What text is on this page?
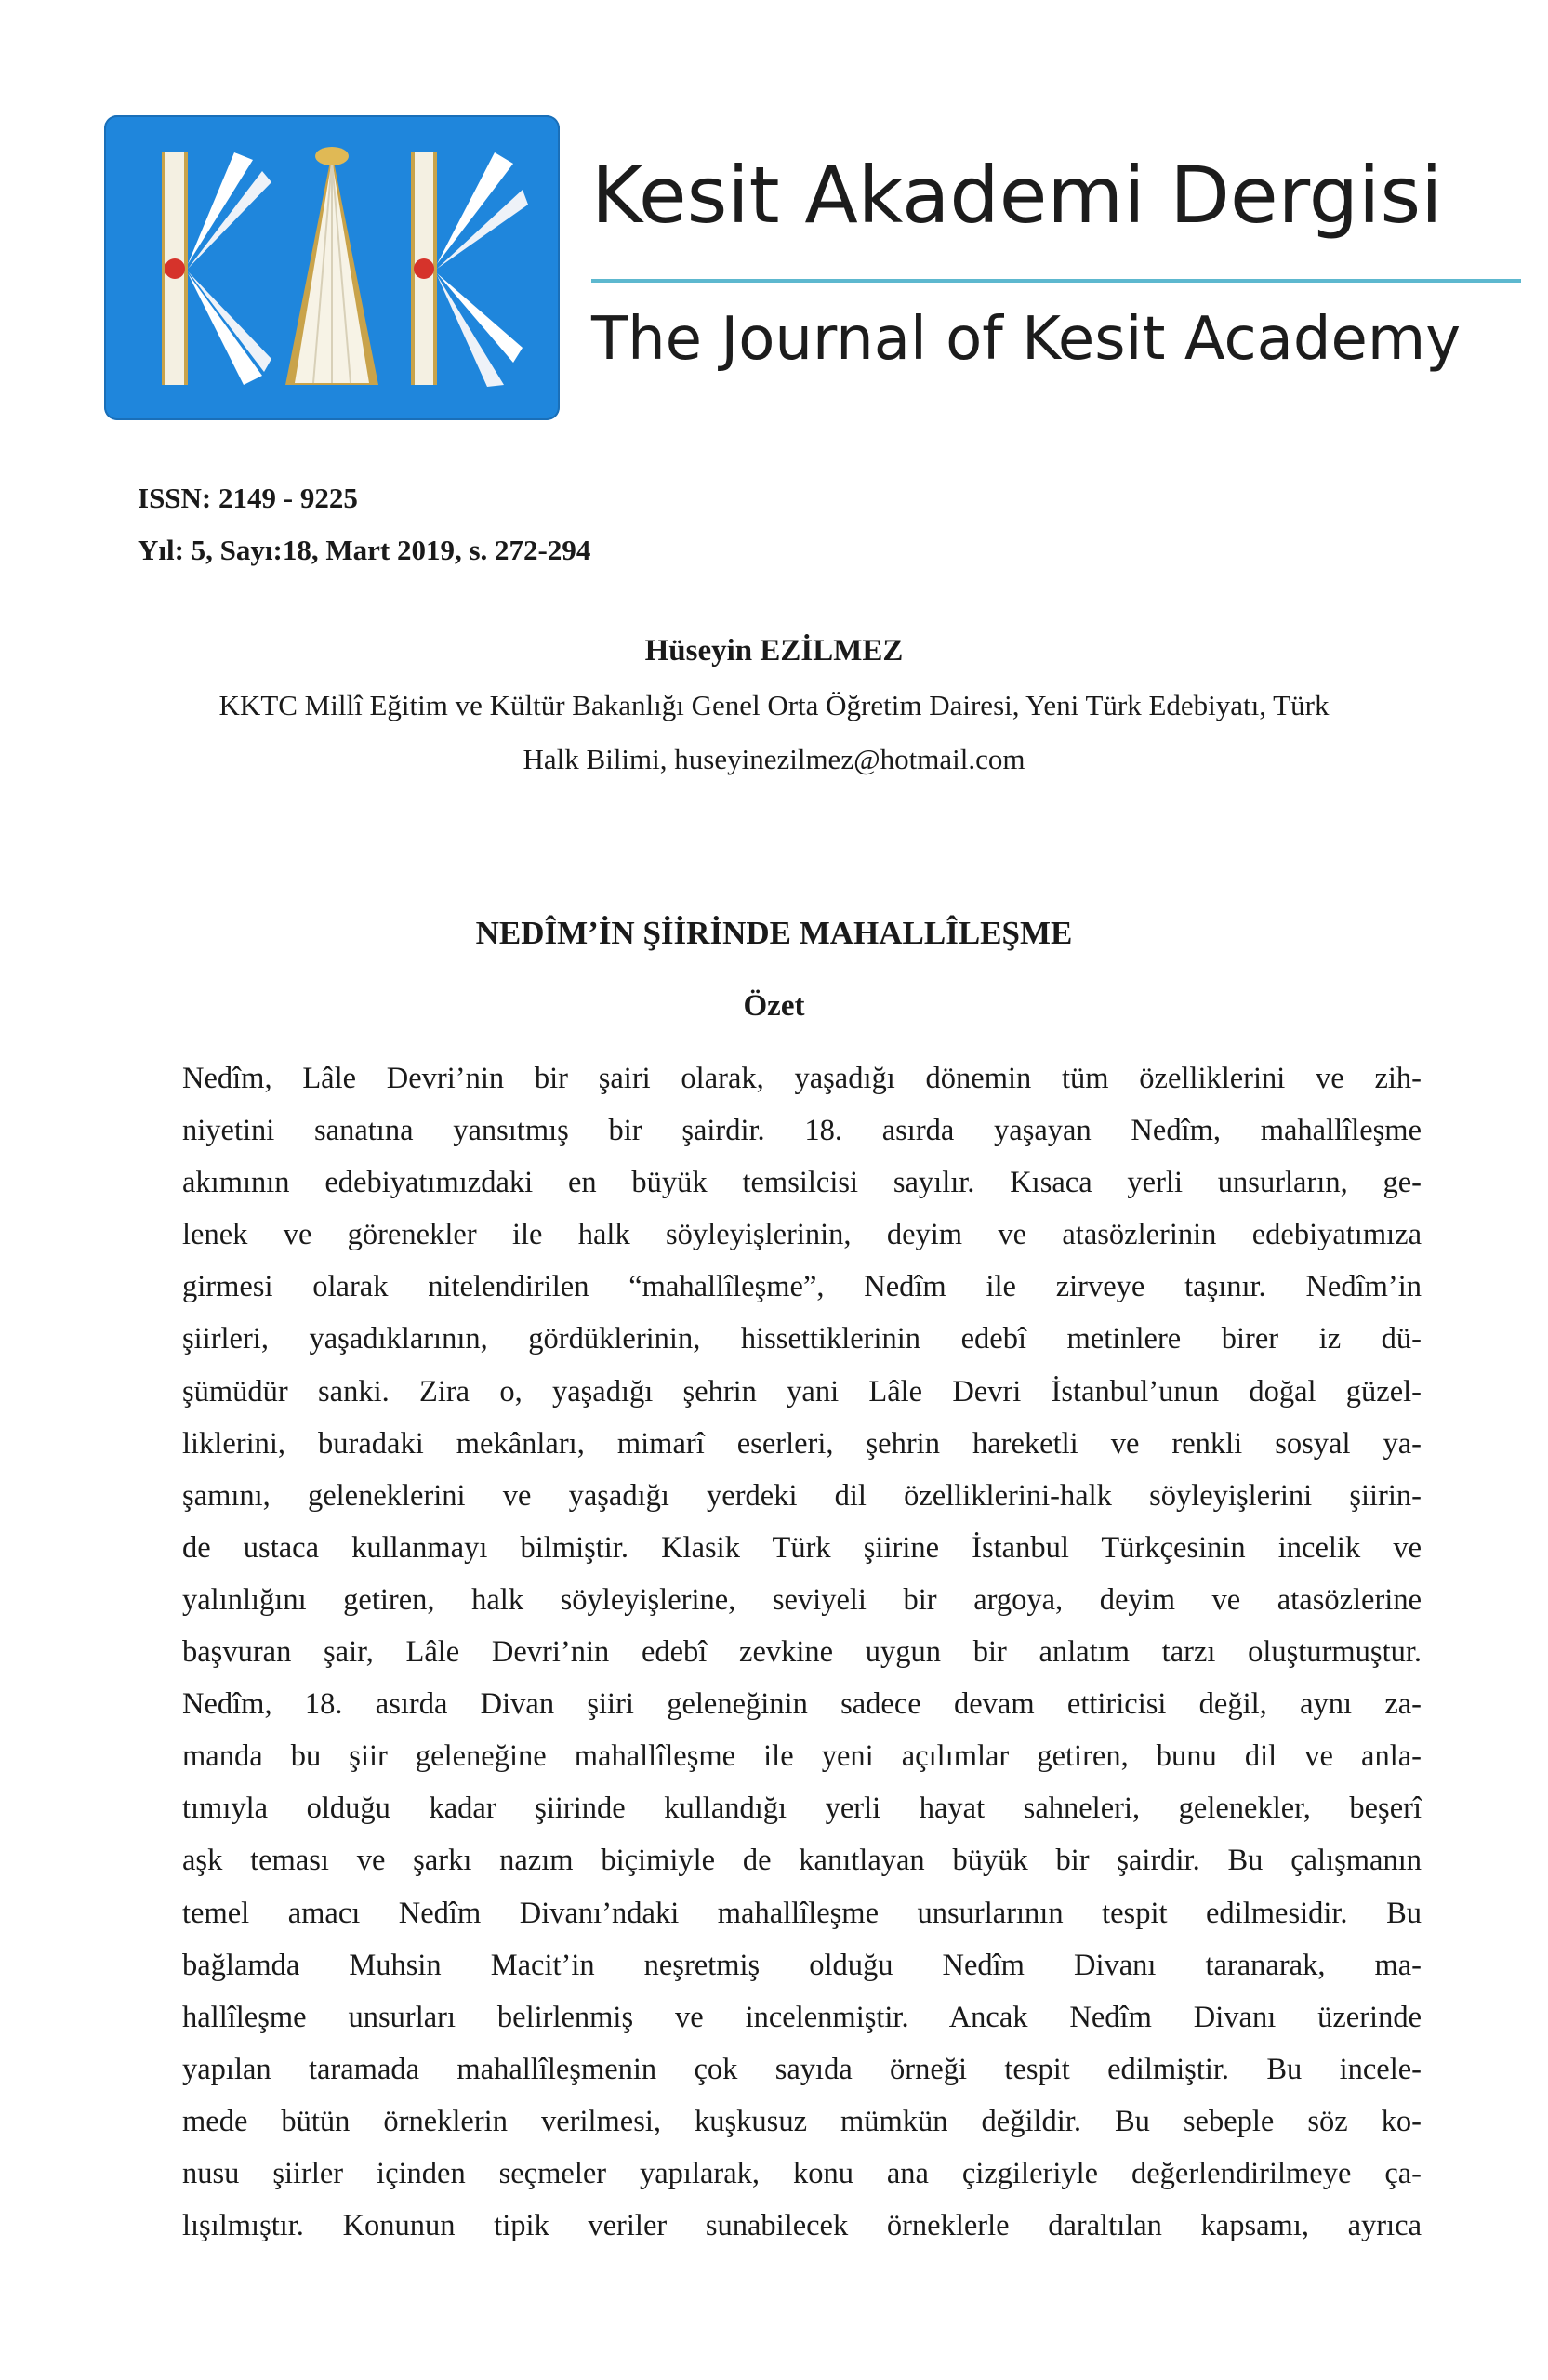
Kesit Akademi Dergisi
The Journal of Kesit Academy
ISSN: 2149 - 9225
Yıl: 5, Sayı:18, Mart 2019, s. 272-294
Hüseyin EZİLMEZ
KKTC Millî Eğitim ve Kültür Bakanlığı Genel Orta Öğretim Dairesi, Yeni Türk Edebiyatı, Türk
Halk Bilimi, huseyinezilmez@hotmail.com
NEDÎM’İN ŞİİRİNDE MAHALLÎLEŞME
Özet
Nedîm, Lâle Devri’nin bir şairi olarak, yaşadığı dönemin tüm özelliklerini ve zih-
niyetini sanatına yansıtmış bir şairdir. 18. asırda yaşayan Nedîm, mahallîleşme
akımının edebiyatımızdaki en büyük temsilcisi sayılır. Kısaca yerli unsurların, ge-
lenek ve görenekler ile halk söyleyişlerinin, deyim ve atasözlerinin edebiyatımıza
girmesi olarak nitelendirilen “mahallîleşme”, Nedîm ile zirveye taşınır. Nedîm’in
şiirleri, yaşadıklarının, gördüklerinin, hissettiklerinin edebî metinlere birer iz dü-
şümüdür sanki. Zira o, yaşadığı şehrin yani Lâle Devri İstanbul’unun doğal güzel-
liklerini, buradaki mekânları, mimarî eserleri, şehrin hareketli ve renkli sosyal ya-
şamını, geleneklerini ve yaşadığı yerdeki dil özelliklerini-halk söyleyişlerini şiirin-
de ustaca kullanmayı bilmiştir. Klasik Türk şiirine İstanbul Türkçesinin incelik ve
yalınlığını getiren, halk söyleyişlerine, seviyeli bir argoya, deyim ve atasözlerine
başvuran şair, Lâle Devri’nin edebî zevkine uygun bir anlatım tarzı oluşturmuştur.
Nedîm, 18. asırda Divan şiiri geleneğinin sadece devam ettiricisi değil, aynı za-
manda bu şiir geleneğine mahallîleşme ile yeni açılımlar getiren, bunu dil ve anla-
tımıyla olduğu kadar şiirinde kullandığı yerli hayat sahneleri, gelenekler, beşerî
aşk teması ve şarkı nazım biçimiyle de kanıtlayan büyük bir şairdir. Bu çalışmanın
temel amacı Nedîm Divanı’ndaki mahallîleşme unsurlarının tespit edilmesidir. Bu
bağlamda Muhsin Macit’in neşretmiş olduğu Nedîm Divanı taranarak, ma-
hallîleşme unsurları belirlenmiş ve incelenmiştir. Ancak Nedîm Divanı üzerinde
yapılan taramada mahallîleşmenin çok sayıda örneği tespit edilmiştir. Bu incele-
mede bütün örneklerin verilmesi, kuşkusuz mümkün değildir. Bu sebeple söz ko-
nusu şiirler içinden seçmeler yapılarak, konu ana çizgileriyle değerlendirilmeye ça-
lışılmıştır. Konunun tipik veriler sunabilecek örneklerle daraltılan kapsamı, ayrıca
